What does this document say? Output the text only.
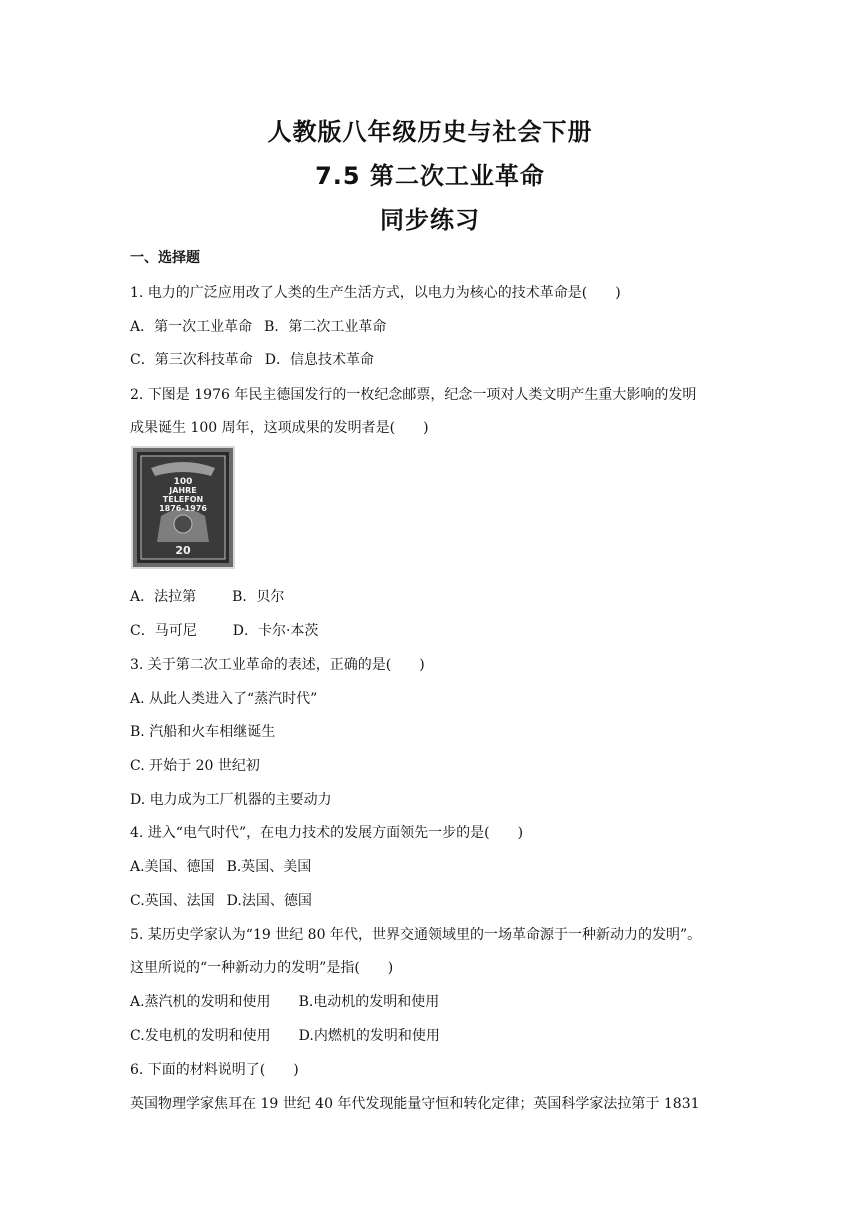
人教版八年级历史与社会下册
7.5 第二次工业革命
同步练习
一、选择题
1. 电力的广泛应用改了人类的生产生活方式，以电力为核心的技术革命是(　　)
A．第一次工业革命 B．第二次工业革命
C．第三次科技革命 D．信息技术革命
2. 下图是 1976 年民主德国发行的一枚纪念邮票，纪念一项对人类文明产生重大影响的发明
成果诞生 100 周年，这项成果的发明者是(　　)
100
JAHRE
TELEFON
1876-1976
20
A．法拉第	B．贝尔
C．马可尼	D．卡尔·本茨
3. 关于第二次工业革命的表述，正确的是(　　)
A. 从此人类进入了“蒸汽时代”
B. 汽船和火车相继诞生
C. 开始于 20 世纪初
D. 电力成为工厂机器的主要动力
4. 进入“电气时代”，在电力技术的发展方面领先一步的是(　　)
A.美国、德国 B.英国、美国
C.英国、法国 D.法国、德国
5. 某历史学家认为“19 世纪 80 年代，世界交通领域里的一场革命源于一种新动力的发明”。
这里所说的“一种新动力的发明”是指(　　)
A.蒸汽机的发明和使用 B.电动机的发明和使用
C.发电机的发明和使用 D.内燃机的发明和使用
6. 下面的材料说明了(　　)
英国物理学家焦耳在 19 世纪 40 年代发现能量守恒和转化定律；英国科学家法拉第于 1831
